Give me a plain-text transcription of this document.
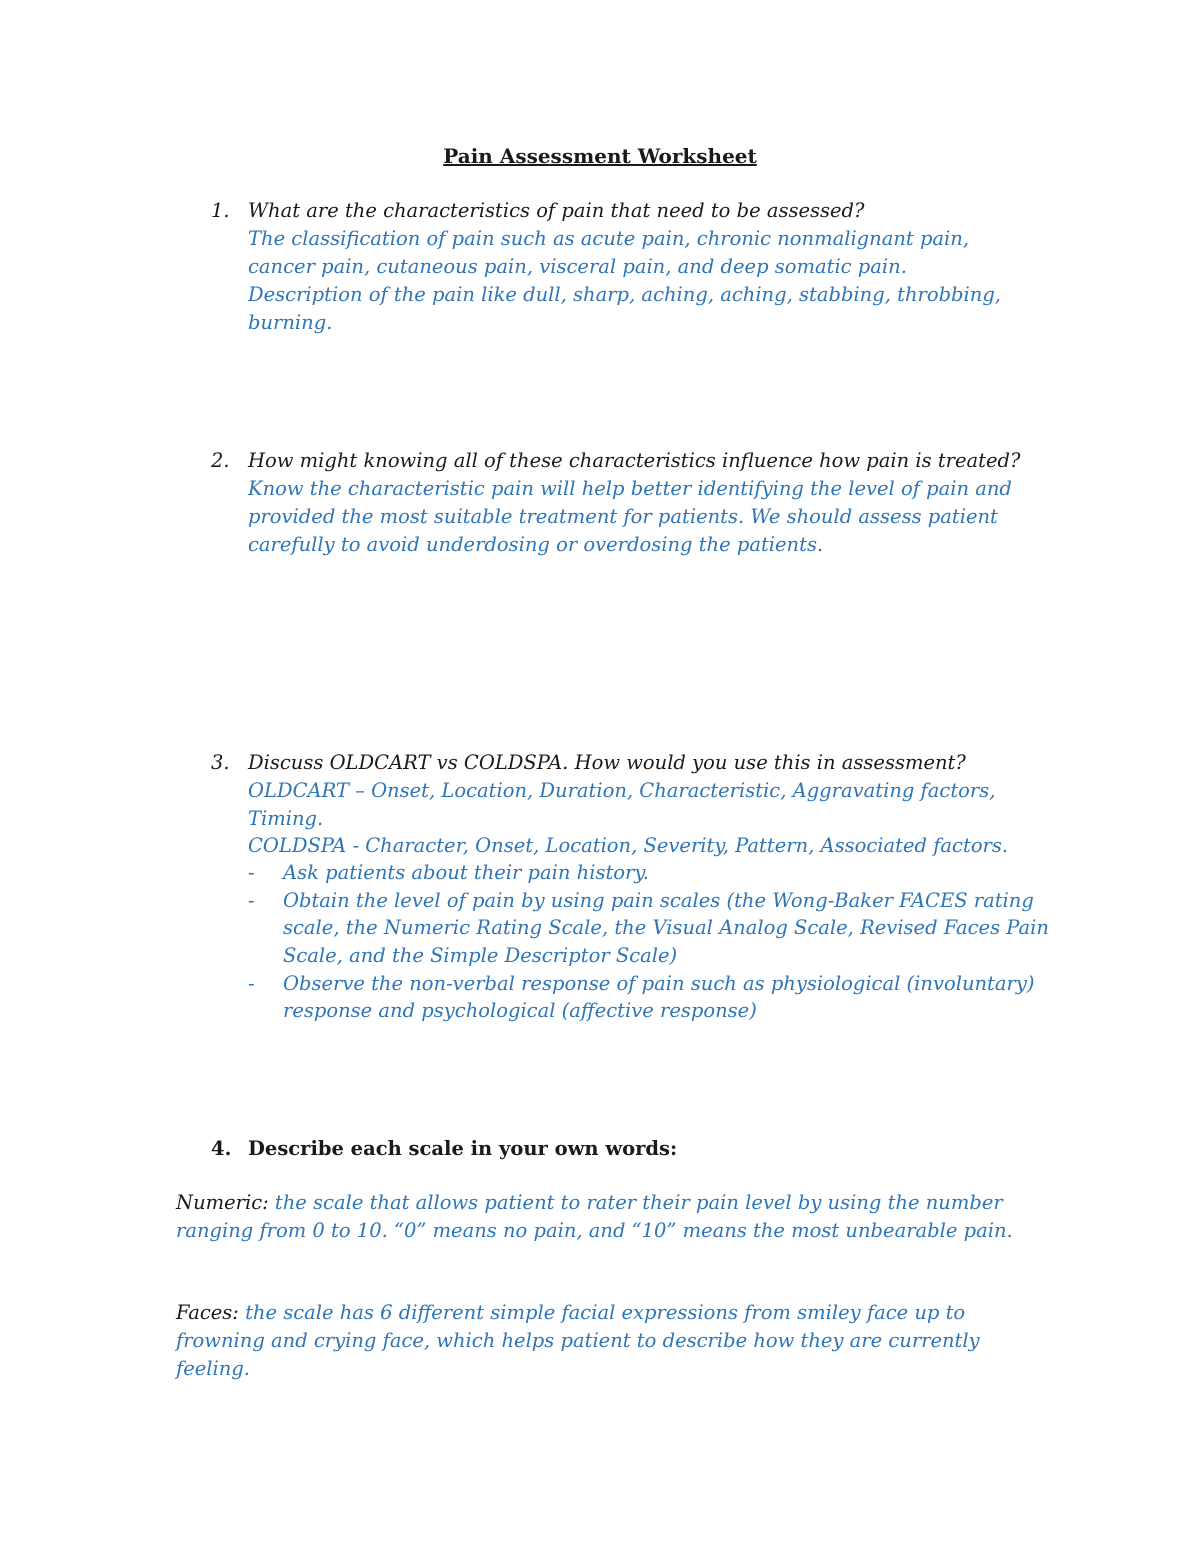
Pain Assessment Worksheet
1. What are the characteristics of pain that need to be assessed?
The classification of pain such as acute pain, chronic nonmalignant pain,
cancer pain, cutaneous pain, visceral pain, and deep somatic pain.
Description of the pain like dull, sharp, aching, aching, stabbing, throbbing,
burning.
2. How might knowing all of these characteristics influence how pain is treated?
Know the characteristic pain will help better identifying the level of pain and
provided the most suitable treatment for patients. We should assess patient
carefully to avoid underdosing or overdosing the patients.
3. Discuss OLDCART vs COLDSPA. How would you use this in assessment?
OLDCART – Onset, Location, Duration, Characteristic, Aggravating factors,
Timing.
COLDSPA - Character, Onset, Location, Severity, Pattern, Associated factors.
- Ask patients about their pain history.
- Obtain the level of pain by using pain scales (the Wong-Baker FACES rating
scale, the Numeric Rating Scale, the Visual Analog Scale, Revised Faces Pain
Scale, and the Simple Descriptor Scale)
- Observe the non-verbal response of pain such as physiological (involuntary)
response and psychological (affective response)
4. Describe each scale in your own words:
Numeric: the scale that allows patient to rater their pain level by using the number
ranging from 0 to 10. “0” means no pain, and “10” means the most unbearable pain.
Faces: the scale has 6 different simple facial expressions from smiley face up to
frowning and crying face, which helps patient to describe how they are currently
feeling.
